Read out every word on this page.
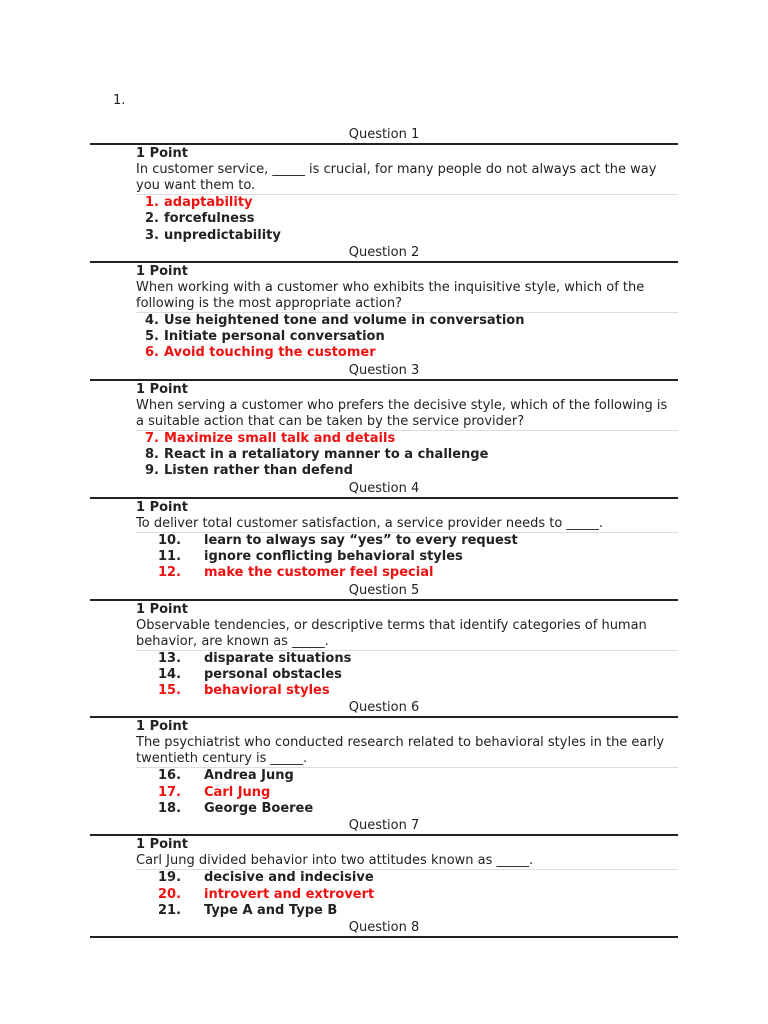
1.
Question 1
1 Point
In customer service, _____ is crucial, for many people do not always act the way you want them to.
1. adaptability
2. forcefulness
3. unpredictability
Question 2
1 Point
When working with a customer who exhibits the inquisitive style, which of the following is the most appropriate action?
4. Use heightened tone and volume in conversation
5. Initiate personal conversation
6. Avoid touching the customer
Question 3
1 Point
When serving a customer who prefers the decisive style, which of the following is a suitable action that can be taken by the service provider?
7. Maximize small talk and details
8. React in a retaliatory manner to a challenge
9. Listen rather than defend
Question 4
1 Point
To deliver total customer satisfaction, a service provider needs to _____.
10. learn to always say “yes” to every request
11. ignore conflicting behavioral styles
12. make the customer feel special
Question 5
1 Point
Observable tendencies, or descriptive terms that identify categories of human behavior, are known as _____.
13. disparate situations
14. personal obstacles
15. behavioral styles
Question 6
1 Point
The psychiatrist who conducted research related to behavioral styles in the early twentieth century is _____.
16. Andrea Jung
17. Carl Jung
18. George Boeree
Question 7
1 Point
Carl Jung divided behavior into two attitudes known as _____.
19. decisive and indecisive
20. introvert and extrovert
21. Type A and Type B
Question 8
